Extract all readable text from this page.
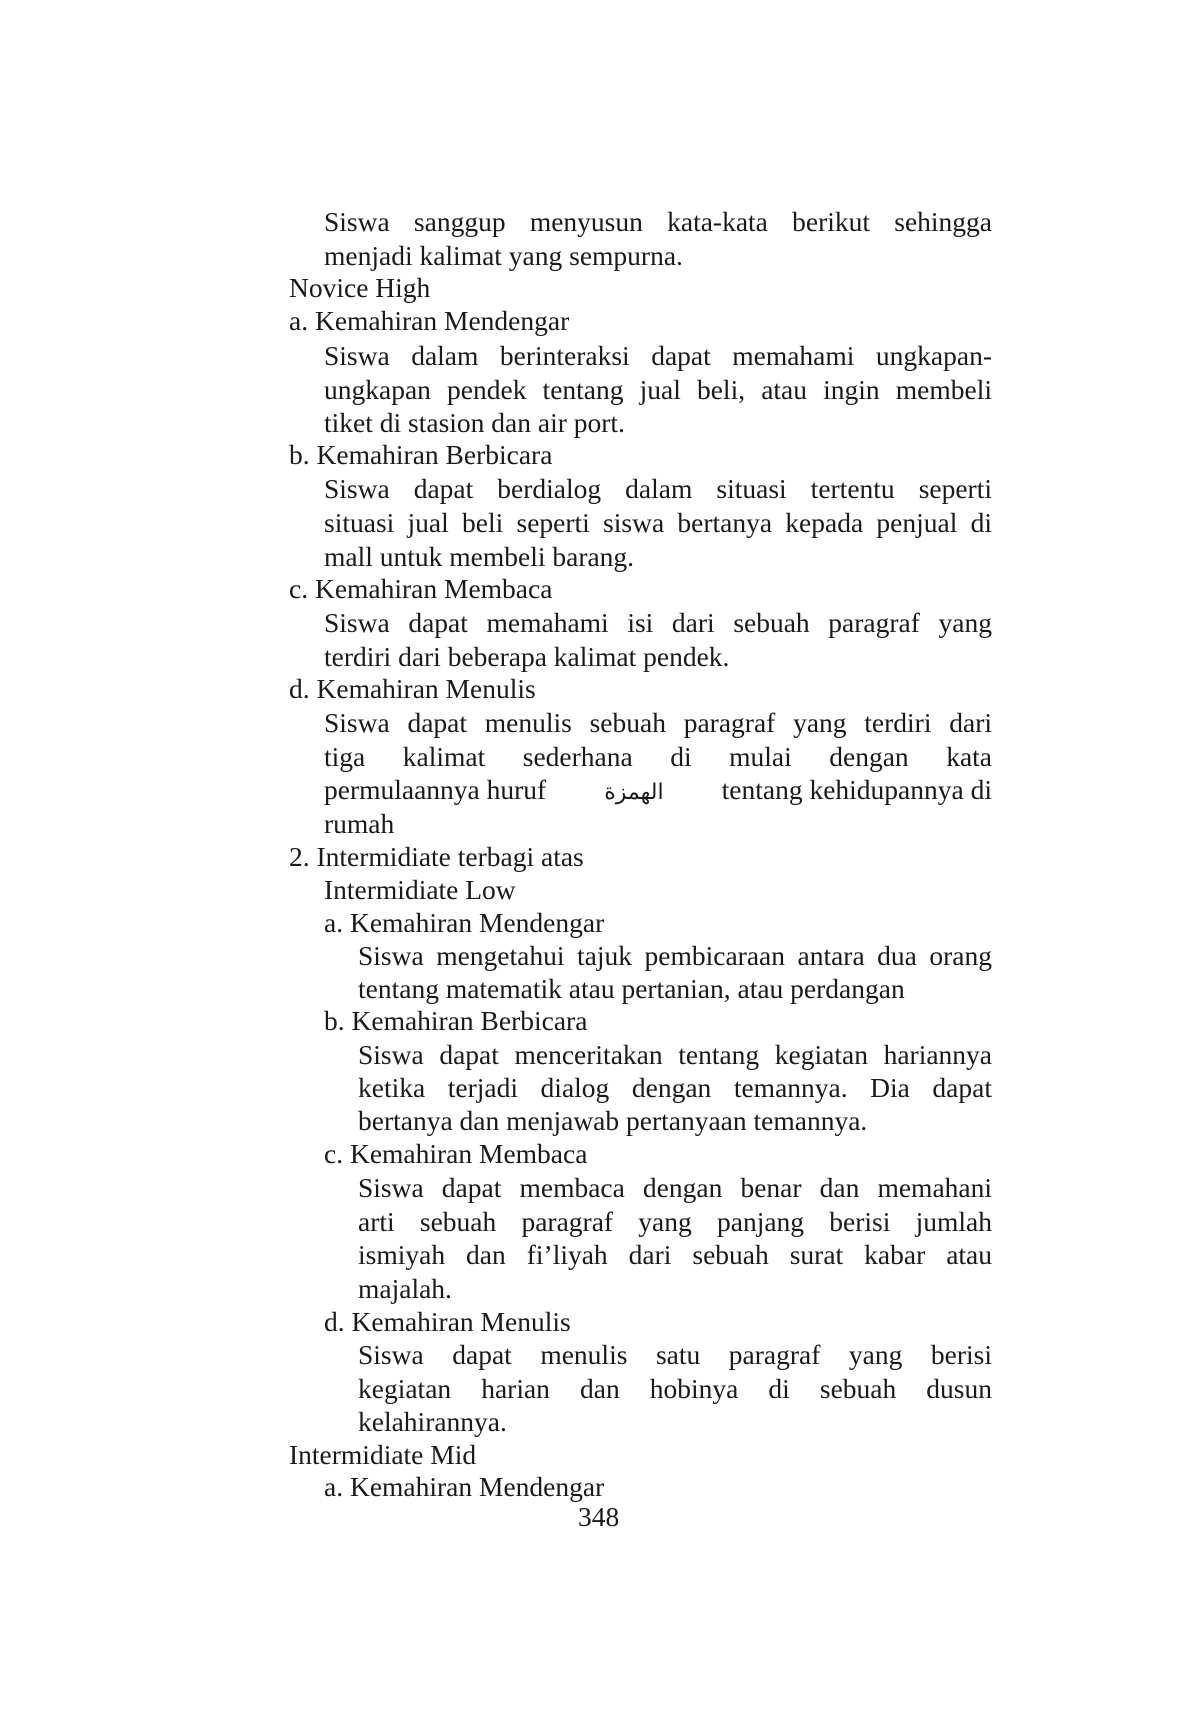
Siswa sanggup menyusun kata-kata berikut sehingga
menjadi kalimat yang sempurna.
Novice High
a. Kemahiran Mendengar
Siswa dalam berinteraksi dapat memahami ungkapan-
ungkapan pendek tentang jual beli, atau ingin membeli
tiket di stasion dan air port.
b. Kemahiran Berbicara
Siswa dapat berdialog dalam situasi tertentu seperti
situasi jual beli seperti siswa bertanya kepada penjual di
mall untuk membeli barang.
c. Kemahiran Membaca
Siswa dapat memahami isi dari sebuah paragraf yang
terdiri dari beberapa kalimat pendek.
d. Kemahiran Menulis
Siswa dapat menulis sebuah paragraf yang terdiri dari
tiga kalimat sederhana di mulai dengan kata
permulaannya huruf	الهمزة tentang kehidupannya di
rumah
2. Intermidiate terbagi atas
Intermidiate Low
a. Kemahiran Mendengar
Siswa mengetahui tajuk pembicaraan antara dua orang
tentang matematik atau pertanian, atau perdangan
b. Kemahiran Berbicara
Siswa dapat menceritakan tentang kegiatan hariannya
ketika terjadi dialog dengan temannya. Dia dapat
bertanya dan menjawab pertanyaan temannya.
c. Kemahiran Membaca
Siswa dapat membaca dengan benar dan memahani
arti sebuah paragraf yang panjang berisi jumlah
ismiyah dan fi’liyah dari sebuah surat kabar atau
majalah.
d. Kemahiran Menulis
Siswa dapat menulis satu paragraf yang berisi
kegiatan harian dan hobinya di sebuah dusun
kelahirannya.
Intermidiate Mid
a. Kemahiran Mendengar
348
